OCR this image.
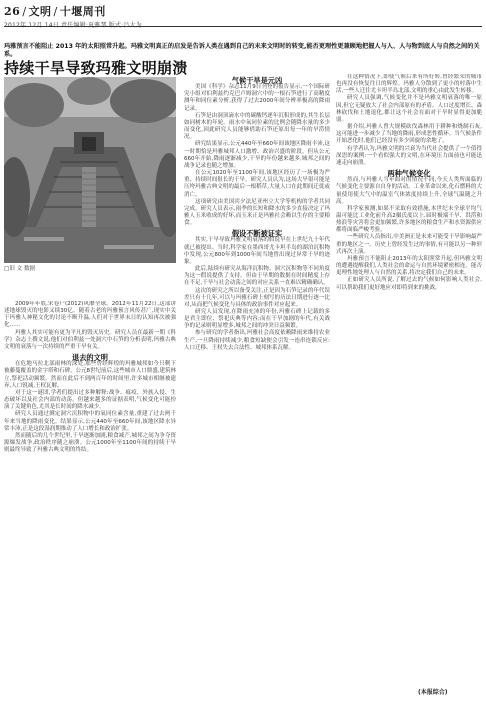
26 / 文明 / 十堰周刊
2012年 12月 14日 责任编辑:夏雅琴 版式:吕大为
玛雅预言不能阻止 2013 年的太阳照常升起。玛雅文明真正的启发是告诉人类在遇到自己的未来文明时的转变,能否更理性更兼顾地把握人与人、人与物到底人与自然之间的关系。
持续干旱导致玛雅文明崩溃
□旧 文 数据

2009年年底,宋卷尸(2012)风靡全球。2012年11月22日,这部讲述地球毁灭的电影又续30亿。随着古老的玛雅预言风传甚广,现实中关于玛雅人神秘文化的讨论不断升温,人们对于世界末日的认知再次被强化……

玛雅人其实可能有更为平凡的毁灭历史。研究人员在最新一期《科学》杂志上撰文说,他们对伯利兹一处洞穴中石笋的分析表明,玛雅古典文明的衰落与一次持续的严重干旱有关。

退去的文明

在危地马拉北部雨林的深处,那些曾经辉煌的玛雅城邦如今只剩下被藤蔓覆盖的金字塔和石碑。公元8世纪前后,这些城市人口鼎盛,建筑林立,祭祀活动频繁。然而在此后不到两百年的时间里,许多城市相继被遗弃,人口锐减,王权瓦解。

对于这一谜团,学者们提出过多种解释:战争、瘟疫、外族入侵、生态破坏以及社会内部的动荡。但越来越多的证据表明,气候变化可能扮演了关键角色,尤其是长时间的降水减少。

研究人员通过测定洞穴沉积物中的氧同位素含量,重建了过去两千年来当地的降雨变化。结果显示,公元440年至660年间,该地区降水异常丰沛,正是这段湿润期推动了人口增长和政治扩张。

然而随后的几个世纪里,干旱逐渐加剧,粮食减产,城邦之间为争夺资源爆发战争,政治秩序随之崩溃。公元1000年至1100年间的持续干旱则最终导致了玛雅古典文明的终结。

气候干旱是元凶

美国《科学》杂志11月9日刊登的报告显示,一个国际研究小组对伯利兹约克巴卢姆洞穴中的一根石笋进行了高精度测年和同位素分析,获得了过去2000年间分辨率极高的降雨记录。

石笋是由洞顶滴水中的碳酸钙逐年沉积形成的,其生长层如同树木的年轮。雨水中氧同位素的比例会随降水量的多少而变化,因此研究人员能够借助石笋还原出每一年的旱涝情况。

研究结果显示,公元440年至660年间该地区降雨丰沛,这一时期恰是玛雅城邦人口激增、政治兴盛的阶段。但从公元660年开始,降雨逐渐减少,干旱的年份越来越多,城邦之间的战争记录也随之增加。

在公元1020年至1100年间,该地区经历了一场极为严重、持续时间很长的干旱。研究人员认为,这场大旱很可能是压垮玛雅古典文明的最后一根稻草,大量人口在此期间迁徙或消亡。

这项研究由美国宾夕法尼亚州立大学等机构的学者共同完成。研究人员表示,雨季的长短和降水的多少直接决定了玛雅人玉米收成的好坏,而玉米正是玛雅社会赖以生存的主要粮食。

假设不断被证实

其实,干旱导致玛雅文明衰落的假说早在上世纪九十年代就已被提出。当时,科学家在墨西哥尤卡坦半岛的湖泊沉积物中发现,公元800年到1000年间当地曾出现过异常干旱的迹象。

此后,陆续有研究从海洋沉积物、洞穴沉积物等不同角度为这一假说提供了支持。但由于早期的数据在时间精度上存在不足,干旱与社会动荡之间的对应关系一直难以精确确认。

这次的研究之所以备受关注,正是因为石笋记录的年代误差只有十几年,可以与玛雅石碑上刻写的历法日期进行逐一比对,从而把气候变化与具体的政治事件对应起来。

研究人员发现,在降雨充沛的年份,玛雅石碑上记载的多是君主即位、祭祀庆典等内容;而在干旱加剧的年代,有关战争的记录则明显增多,城邦之间的冲突日益频繁。

参与研究的学者指出,玛雅社会高度依赖降雨来维持农业生产,一旦降雨持续减少,粮食短缺便会引发一连串连锁反应:人口迁移、王权失去合法性、城邦体系瓦解。

在这种情况下,即使气候后来有所好转,曾经繁荣的城市也再没有恢复往日的辉煌。玛雅人分散到了更小的村落中生活,一些人迁往尤卡坦半岛北部,文明的重心由此发生转移。

研究人员强调,气候变化并不是玛雅文明衰落的唯一原因,但它无疑放大了社会内部原有的矛盾。人口过度增长、森林砍伐和土地退化,都让这个社会在面对干旱时显得更加脆弱。

据介绍,玛雅人曾大规模砍伐森林用于耕种和烧制石灰,这可能进一步减少了当地的降雨,形成恶性循环。当气候条件开始恶化时,他们已经没有多少回旋的余地了。

有学者认为,玛雅文明的兴衰为当代社会提供了一个值得深思的案例:一个看似强大的文明,在环境压力面前也可能迅速走向崩溃。

两种气候变化

然而,与玛雅人当年面对的情况不同,今天人类所面临的气候变化主要源自自身的活动。工业革命以来,化石燃料的大量使用使大气中的温室气体浓度持续上升,全球气温随之升高。

科学家预测,如果不采取有效措施,本世纪末全球平均气温可能比工业化前升高2摄氏度以上,届时极端干旱、洪涝和热浪等灾害将会更加频繁,许多地区的粮食生产和水资源供应都将面临严峻考验。

一些研究人员指出,中美洲正是未来可能受干旱影响最严重的地区之一。历史上曾经发生过的事情,有可能以另一种形式再次上演。

玛雅预言不能阻止2013年的太阳照常升起,但玛雅文明的遭遇提醒我们,人类社会的命运与自然环境紧密相连。能否更理性地处理人与自然的关系,将决定我们自己的未来。

正如研究人员所说,了解过去的气候如何影响人类社会,可以帮助我们更好地应对即将到来的挑战。

(本报综合)
